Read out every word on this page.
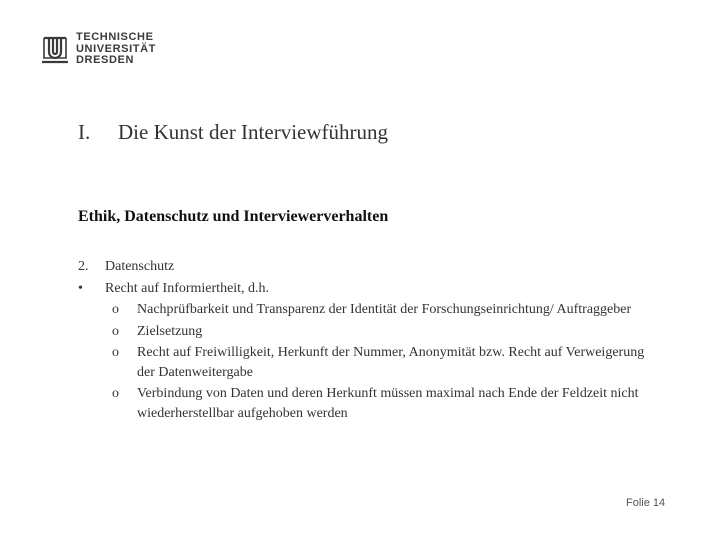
TECHNISCHE
UNIVERSITÄT
DRESDEN
I. Die Kunst der Interviewführung
Ethik, Datenschutz und Interviewerverhalten
2. Datenschutz
• Recht auf Informiertheit, d.h.
o Nachprüfbarkeit und Transparenz der Identität der Forschungseinrichtung/ Auftraggeber
o Zielsetzung
o Recht auf Freiwilligkeit, Herkunft der Nummer, Anonymität bzw. Recht auf Verweigerung der Datenweitergabe
o Verbindung von Daten und deren Herkunft müssen maximal nach Ende der Feldzeit nicht wiederherstellbar aufgehoben werden
Folie 14
